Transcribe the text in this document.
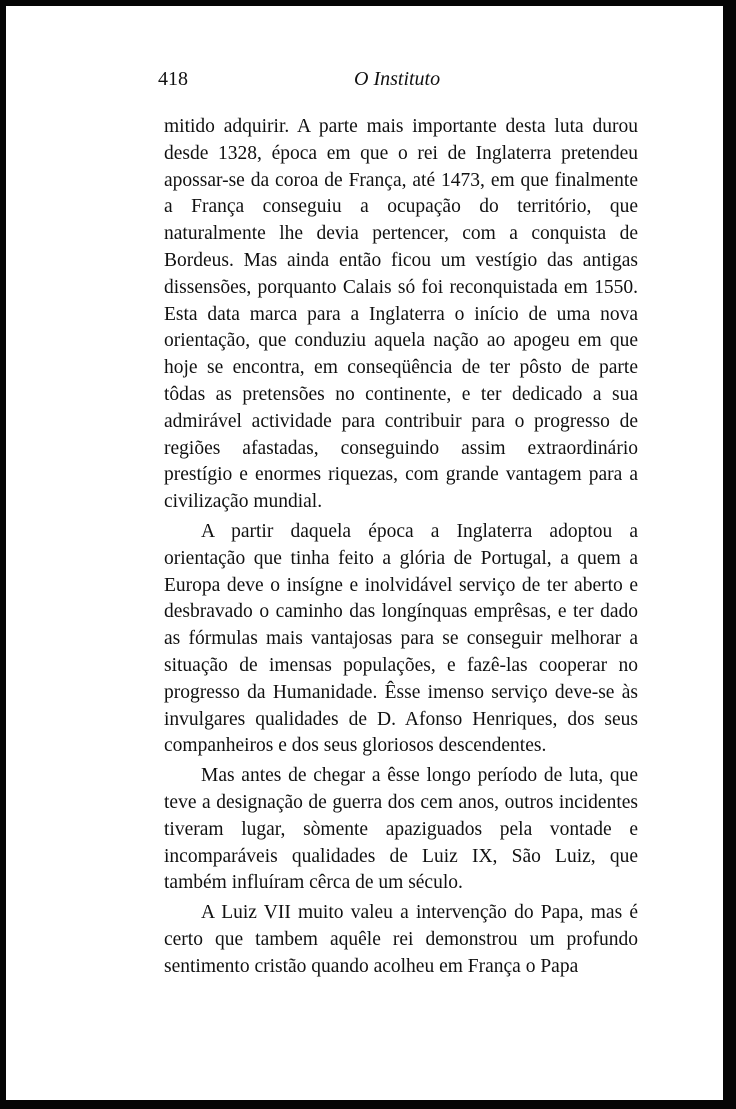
418	O Instituto

mitido adquirir. A parte mais importante desta luta durou desde 1328, época em que o rei de Inglaterra pretendeu apossar-se da coroa de França, até 1473, em que finalmente a França conseguiu a ocupação do território, que naturalmente lhe devia pertencer, com a conquista de Bordeus. Mas ainda então ficou um vestígio das antigas dissensões, porquanto Calais só foi reconquistada em 1550. Esta data marca para a Inglaterra o início de uma nova orientação, que conduziu aquela nação ao apogeu em que hoje se encontra, em conseqüência de ter pôsto de parte tôdas as pretensões no continente, e ter dedicado a sua admirável actividade para contribuir para o progresso de regiões afastadas, conseguindo assim extraordinário prestígio e enormes riquezas, com grande vantagem para a civilização mundial.

A partir daquela época a Inglaterra adoptou a orientação que tinha feito a glória de Portugal, a quem a Europa deve o insígne e inolvidável serviço de ter aberto e desbravado o caminho das longínquas emprêsas, e ter dado as fórmulas mais vantajosas para se conseguir melhorar a situação de imensas populações, e fazê-las cooperar no progresso da Humanidade. Êsse imenso serviço deve-se às invulgares qualidades de D. Afonso Henriques, dos seus companheiros e dos seus gloriosos descendentes.

Mas antes de chegar a êsse longo período de luta, que teve a designação de guerra dos cem anos, outros incidentes tiveram lugar, sòmente apaziguados pela vontade e incomparáveis qualidades de Luiz IX, São Luiz, que também influíram cêrca de um século.

A Luiz VII muito valeu a intervenção do Papa, mas é certo que tambem aquêle rei demonstrou um profundo sentimento cristão quando acolheu em França o Papa
